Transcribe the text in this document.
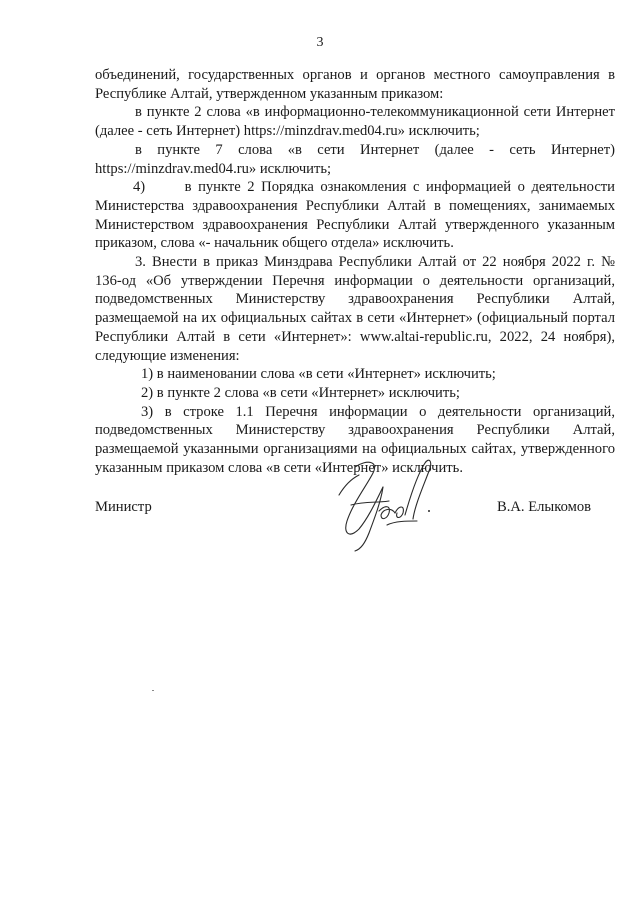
3

объединений, государственных органов и органов местного самоуправления в Республике Алтай, утвержденном указанным приказом:

в пункте 2 слова «в информационно-телекоммуникационной сети Интернет (далее - сеть Интернет) https://minzdrav.med04.ru» исключить;

в пункте 7 слова «в сети Интернет (далее - сеть Интернет) https://minzdrav.med04.ru» исключить;

4)      в пункте 2 Порядка ознакомления с информацией о деятельности Министерства здравоохранения Республики Алтай в помещениях, занимаемых Министерством здравоохранения Республики Алтай утвержденного указанным приказом, слова «- начальник общего отдела» исключить.

3. Внести в приказ Минздрава Республики Алтай от 22 ноября 2022 г. № 136-од «Об утверждении Перечня информации о деятельности организаций, подведомственных Министерству здравоохранения Республики Алтай, размещаемой на их официальных сайтах в сети «Интернет» (официальный портал Республики Алтай в сети «Интернет»: www.altai-republic.ru, 2022, 24 ноября), следующие изменения:

1) в наименовании слова «в сети «Интернет» исключить;

2) в пункте 2 слова «в сети «Интернет» исключить;

3) в строке 1.1 Перечня информации о деятельности организаций, подведомственных Министерству здравоохранения Республики Алтай, размещаемой указанными организациями на официальных сайтах, утвержденного указанным приказом слова «в сети «Интернет» исключить.

Министр	В.А. Елыкомов
